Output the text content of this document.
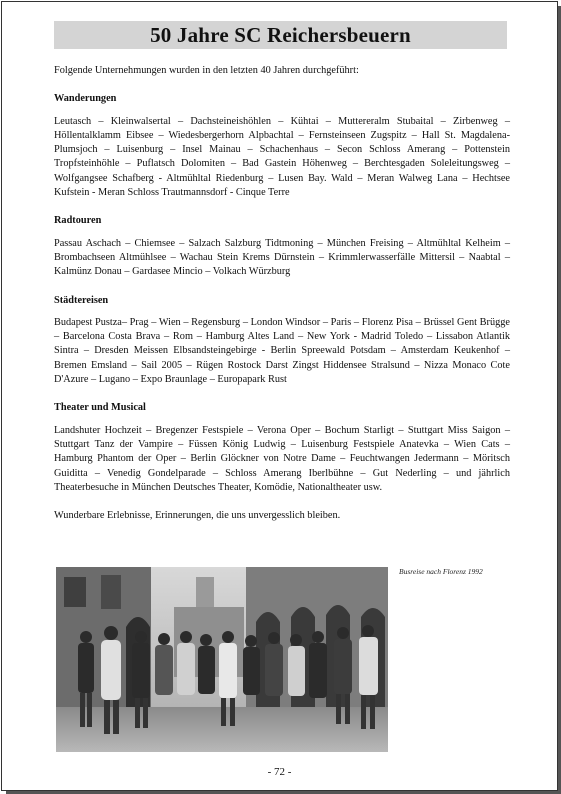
50 Jahre SC Reichersbeuern

Folgende Unternehmungen wurden in den letzten 40 Jahren durchgeführt:

Wanderungen

Leutasch – Kleinwalsertal – Dachsteineishöhlen – Kühtai – Muttereralm Stubaital – Zirbenweg – Höllentalklamm Eibsee – Wiedesbergerhorn Alpbachtal – Fernsteinseen Zugspitz – Hall St. Magdalena- Plumsjoch – Luisenburg – Insel Mainau – Schachenhaus – Secon Schloss Amerang – Pottenstein Tropfsteinhöhle – Puflatsch Dolomiten – Bad Gastein Höhenweg – Berchtesgaden Soleleitungsweg – Wolfgangsee Schafberg - Altmühltal Riedenburg – Lusen Bay. Wald – Meran Walweg Lana – Hechtsee Kufstein - Meran Schloss Trautmannsdorf - Cinque Terre

Radtouren

Passau Aschach – Chiemsee – Salzach Salzburg Tidtmoning – München Freising – Altmühltal Kelheim – Brombachseen Altmühlsee – Wachau Stein Krems Dürnstein – Krimmlerwasserfälle Mittersil – Naabtal – Kalmünz Donau – Gardasee Mincio – Volkach Würzburg

Städtereisen

Budapest Pustza– Prag – Wien – Regensburg – London Windsor – Paris – Florenz Pisa – Brüssel Gent Brügge – Barcelona Costa Brava – Rom – Hamburg Altes Land – New York - Madrid Toledo – Lissabon Atlantik Sintra – Dresden Meissen Elbsandsteingebirge - Berlin Spreewald Potsdam – Amsterdam Keukenhof – Bremen Emsland – Sail 2005 – Rügen Rostock Darst Zingst Hiddensee Stralsund – Nizza Monaco Cote D'Azure – Lugano – Expo Braunlage – Europapark Rust

Theater und Musical

Landshuter Hochzeit – Bregenzer Festspiele – Verona Oper – Bochum Starligt – Stuttgart Miss Saigon – Stuttgart Tanz der Vampire – Füssen König Ludwig – Luisenburg Festspiele Anatevka – Wien Cats – Hamburg Phantom der Oper – Berlin Glöckner von Notre Dame – Feuchtwangen Jedermann – Möritsch Guiditta – Venedig Gondelparade – Schloss Amerang Iberlbühne – Gut Nederling – und jährlich Theaterbesuche in München Deutsches Theater, Komödie, Nationaltheater usw.

Wunderbare Erlebnisse, Erinnerungen, die uns unvergesslich bleiben.

Busreise nach Florenz 1992
- 72 -
